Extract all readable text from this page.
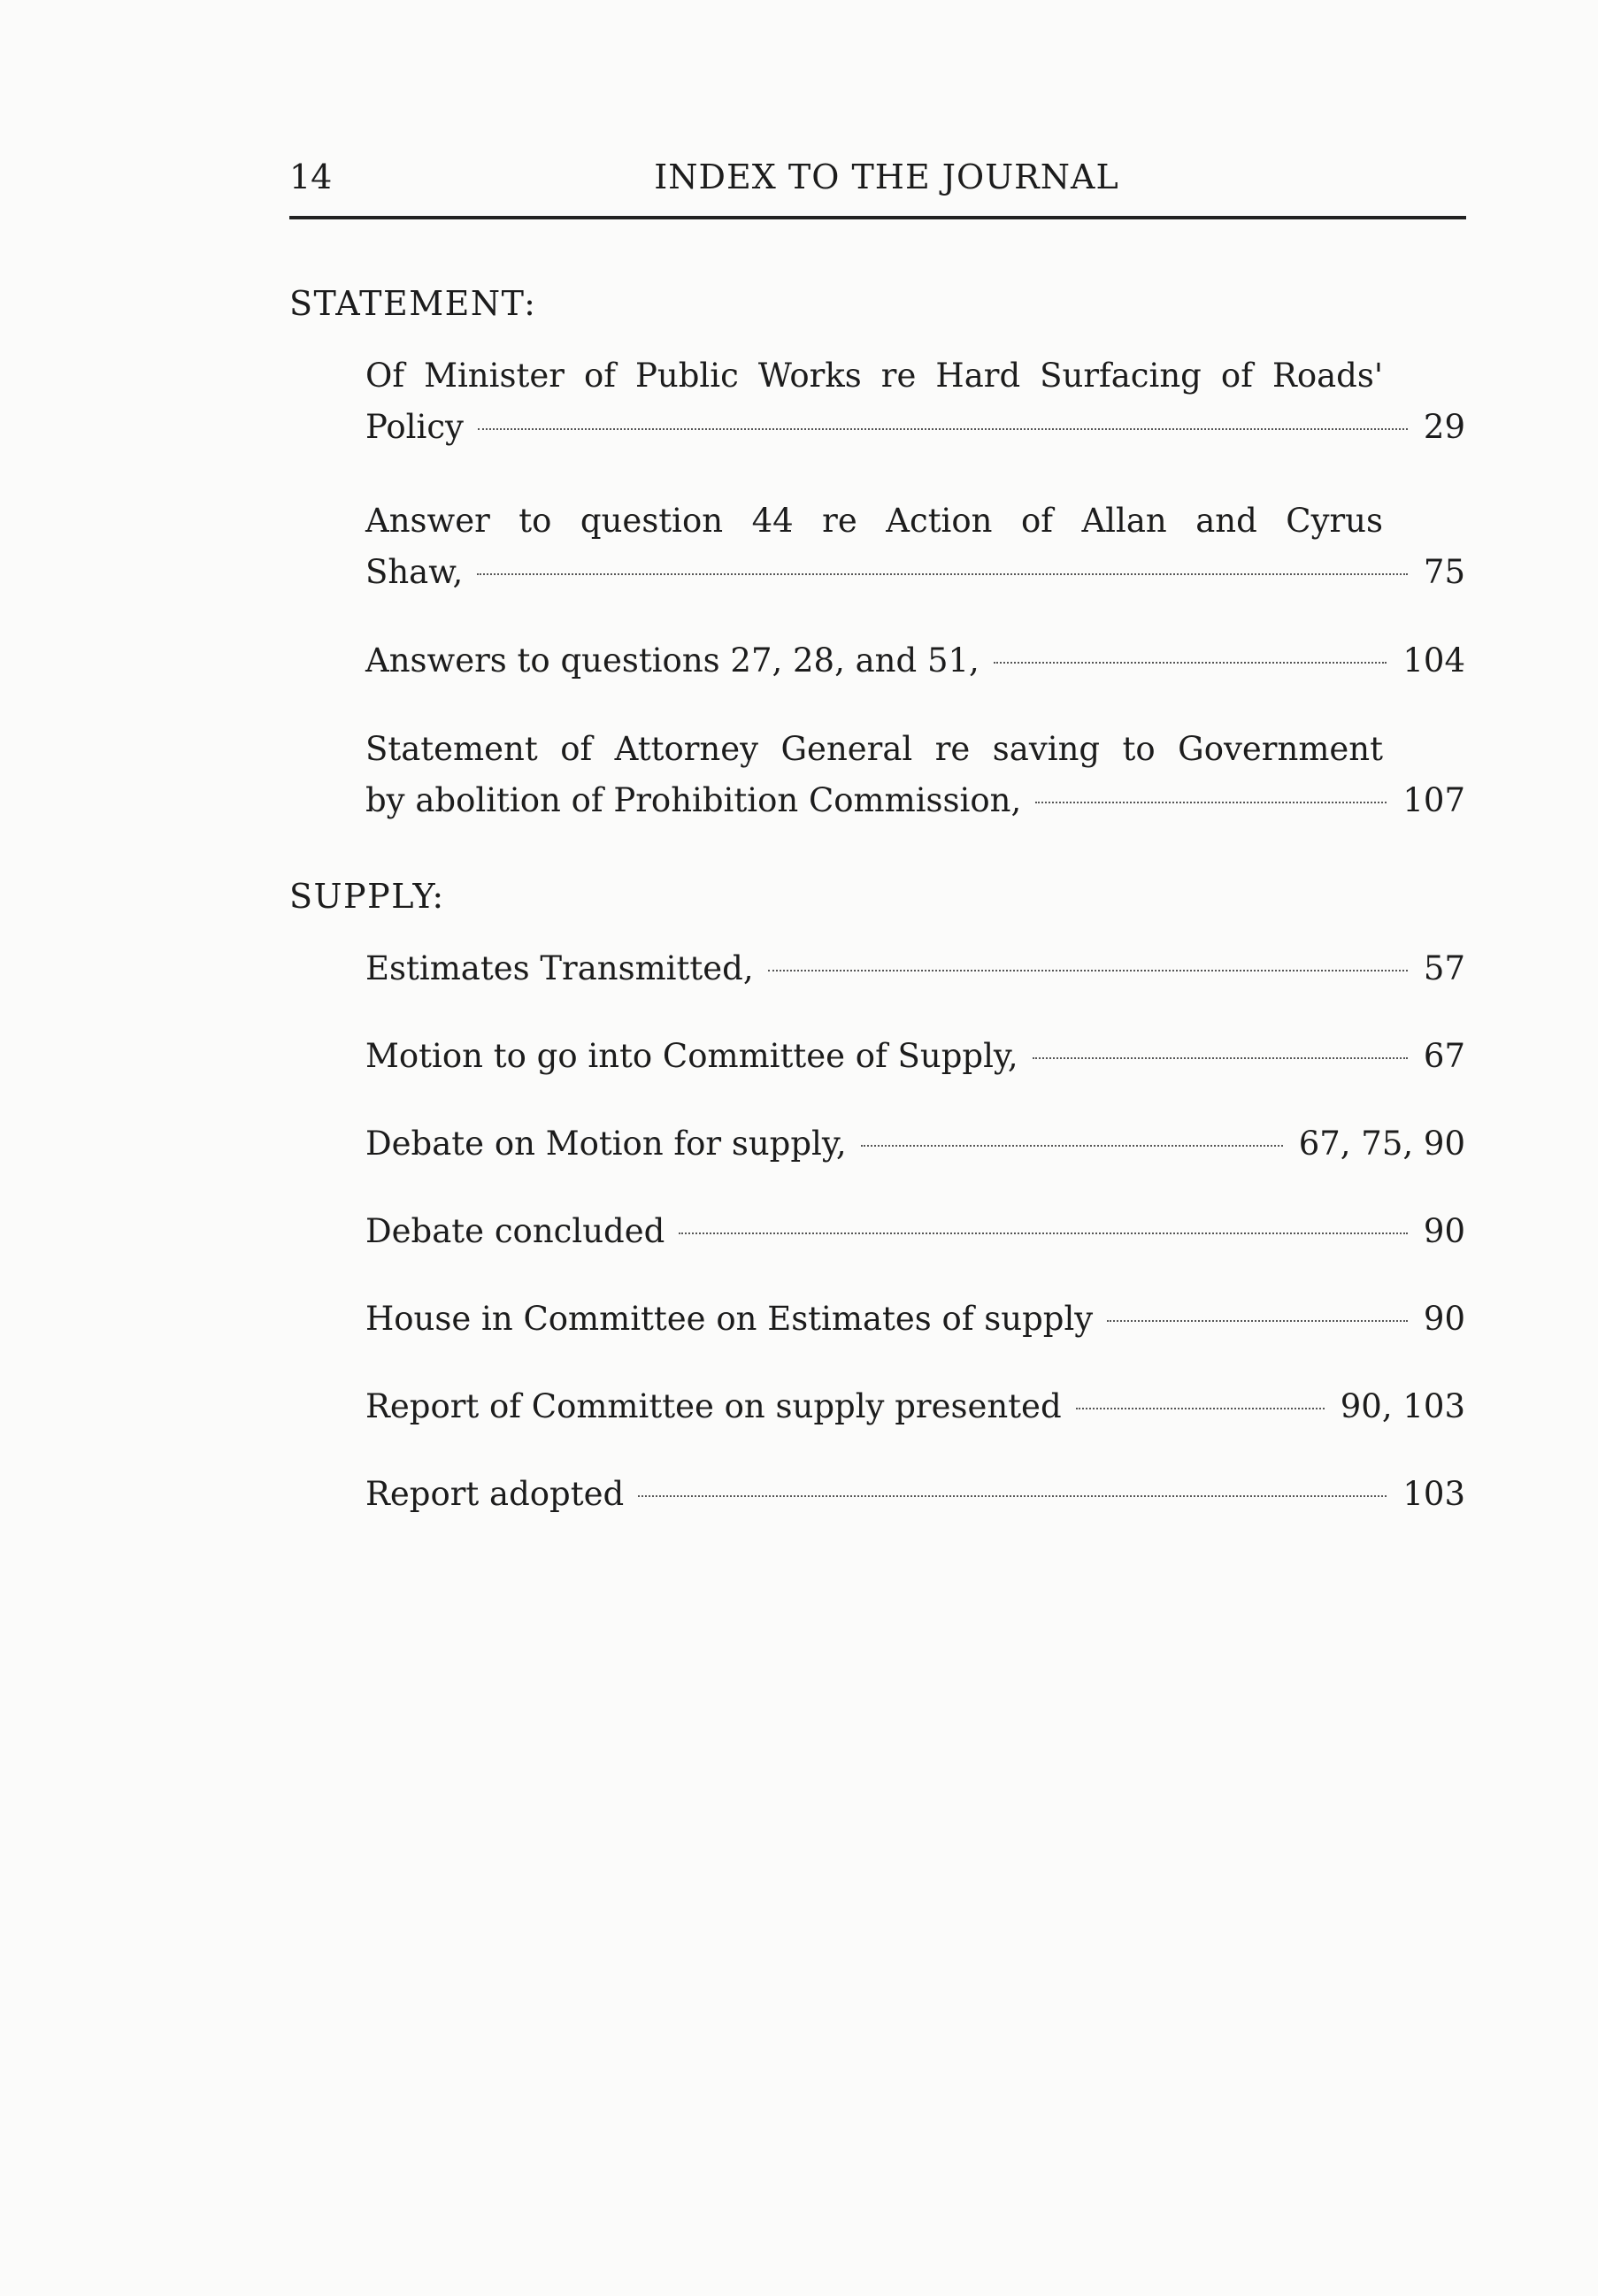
14	INDEX TO THE JOURNAL
STATEMENT:
Of Minister of Public Works re Hard Surfacing of Roads'
Policy	29
Answer to question 44 re Action of Allan and Cyrus
Shaw,	75
Answers to questions 27, 28, and 51,	104
Statement of Attorney General re saving to Government
by abolition of Prohibition Commission,	107
SUPPLY:
Estimates Transmitted,	57
Motion to go into Committee of Supply,	67
Debate on Motion for supply,	67, 75, 90
Debate concluded	90
House in Committee on Estimates of supply	90
Report of Committee on supply presented	90, 103
Report adopted	103
